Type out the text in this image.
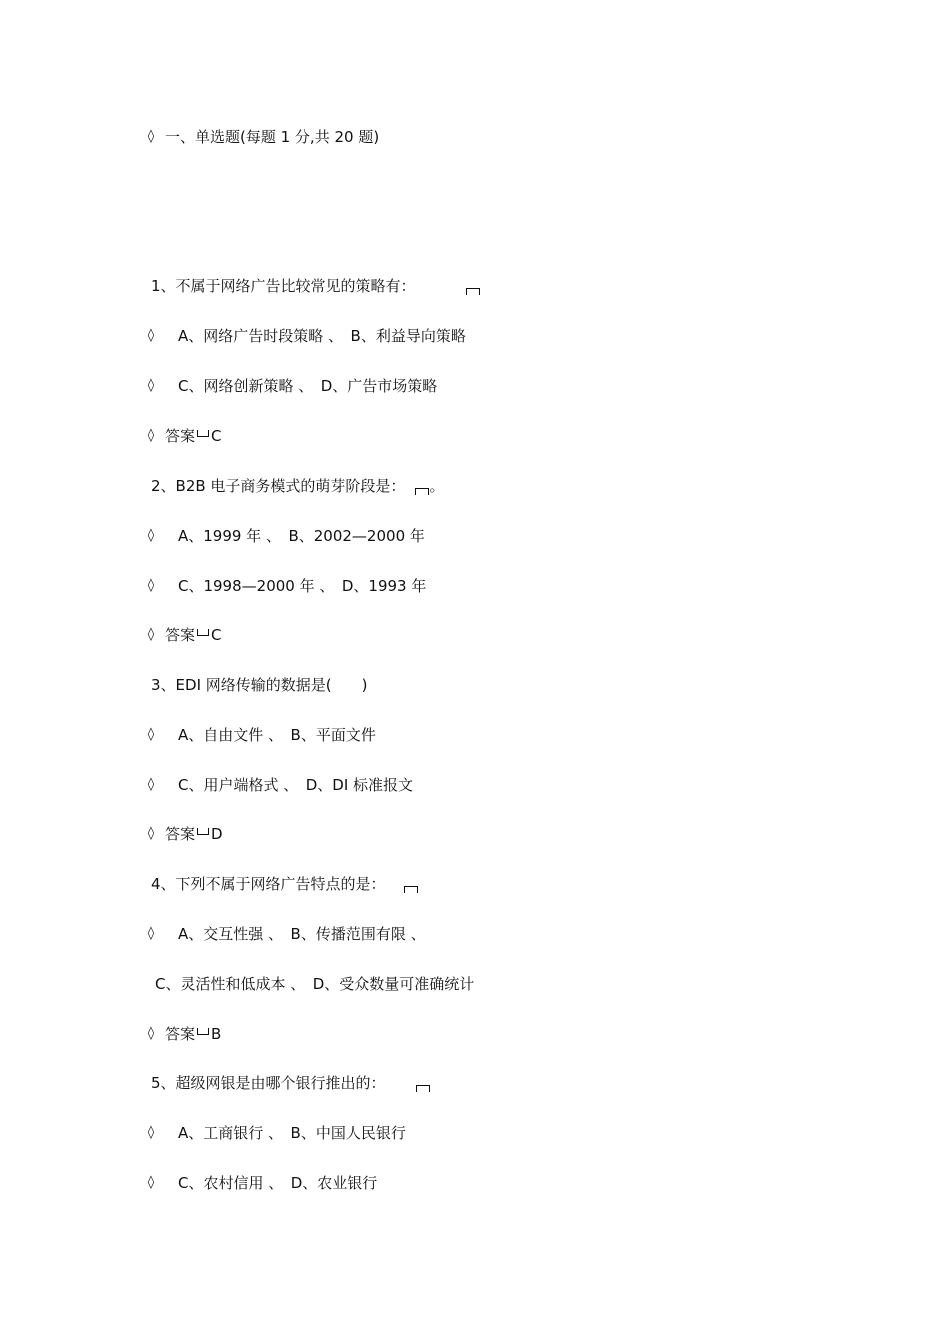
◊
一、单选题(每题 1 分,共 20 题)
1、不属于网络广告比较常见的策略有：
◊
A、网络广告时段策略 、　B、利益导向策略
◊
C、网络创新策略 、　D、广告市场策略
◊
答案 C
2、B2B 电子商务模式的萌芽阶段是： 。
◊
A、1999 年 、　B、2002—2000 年
◊
C、1998—2000 年 、　D、1993 年
◊
答案 C
3、EDI 网络传输的数据是(　　)
◊
A、自由文件 、　B、平面文件
◊
C、用户端格式 、　D、DI 标准报文
◊
答案 D
4、下列不属于网络广告特点的是：
◊
A、交互性强 、　B、传播范围有限 、
C、灵活性和低成本 、　D、受众数量可准确统计
◊
答案 B
5、超级网银是由哪个银行推出的：
◊
A、工商银行 、　B、中国人民银行
◊
C、农村信用 、　D、农业银行
